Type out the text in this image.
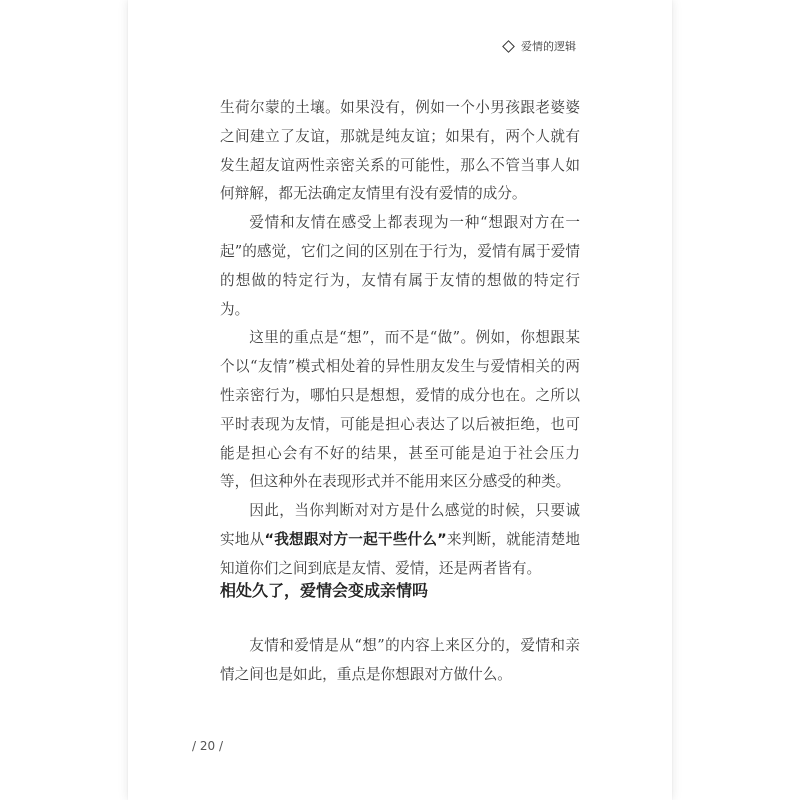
爱情的逻辑

生荷尔蒙的土壤。如果没有，例如一个小男孩跟老婆婆之间建立了友谊，那就是纯友谊；如果有，两个人就有发生超友谊两性亲密关系的可能性，那么不管当事人如何辩解，都无法确定友情里有没有爱情的成分。

爱情和友情在感受上都表现为一种“想跟对方在一起”的感觉，它们之间的区别在于行为，爱情有属于爱情的想做的特定行为，友情有属于友情的想做的特定行为。

这里的重点是“想”，而不是“做”。例如，你想跟某个以“友情”模式相处着的异性朋友发生与爱情相关的两性亲密行为，哪怕只是想想，爱情的成分也在。之所以平时表现为友情，可能是担心表达了以后被拒绝，也可能是担心会有不好的结果，甚至可能是迫于社会压力等，但这种外在表现形式并不能用来区分感受的种类。

因此，当你判断对对方是什么感觉的时候，只要诚实地从“我想跟对方一起干些什么”来判断，就能清楚地知道你们之间到底是友情、爱情，还是两者皆有。

相处久了，爱情会变成亲情吗

友情和爱情是从“想”的内容上来区分的，爱情和亲情之间也是如此，重点是你想跟对方做什么。

/ 20 /
